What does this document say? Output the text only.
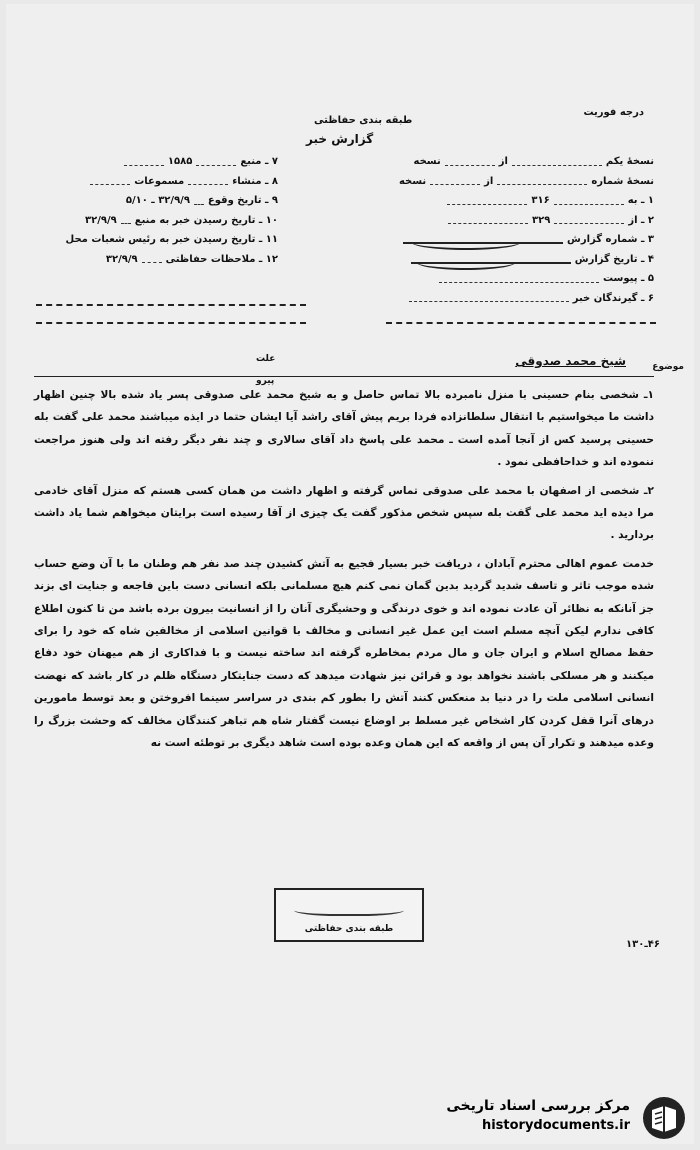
درجه فوریت
طبقه بندی حفاظتی
گزارش خبر
نسخهٔ یکمازنسخه
نسخهٔ شمارهازنسخه
۱ ـ به۳۱۶
۲ ـ از۳۲۹
۳ ـ شماره گزارش
۴ ـ تاریخ گزارش
۵ ـ پیوست
۶ ـ گیرندگان خبر
۷ ـ منبع۱۵۸۵
۸ ـ منشاءمسموعات
۹ ـ تاریخ وقوع۳۲/۹/۹ ـ ۵/۱۰
۱۰ ـ تاریخ رسیدن خبر به منبع۳۲/۹/۹
۱۱ ـ تاریخ رسیدن خبر به رئیس شعبات محل
۱۲ ـ ملاحظات حفاظتی۳۲/۹/۹
موضوع
شیخ محمد صدوقی
علت
پیرو

۱ـ شخصی بنام حسینی با منزل نامبرده بالا تماس حاصل و به شیخ محمد علی صدوقی پسر یاد شده بالا چنین اظهار داشت ما میخواستیم با انتقال سلطانزاده فردا بریم پیش آقای راشد آیا ایشان حتما در ایذه میباشند محمد علی گفت بله حسینی پرسید کس از آنجا آمده است ـ محمد علی پاسخ داد آقای سالاری و چند نفر دیگر رفته اند ولی هنوز مراجعت ننموده اند و خداحافظی نمود .

۲ـ شخصی از اصفهان با محمد علی صدوقی تماس گرفته و اظهار داشت من همان کسی هستم که منزل آقای خادمی مرا دیده اید محمد علی گفت بله سپس شخص مذکور گفت یک چیزی از آقا رسیده است برایتان میخواهم شما یاد داشت بردارید .

خدمت عموم اهالی محترم آبادان ، دریافت خبر بسیار فجیع به آتش کشیدن چند صد نفر هم وطنان ما با آن وضع حساب شده موجب تاثر و تاسف شدید گردید بدین گمان نمی کنم هیچ مسلمانی بلکه انسانی دست باین فاجعه و جنایت ای بزند جز آنانکه به نظائر آن عادت نموده اند و خوی درندگی و وحشیگری آنان را از انسانیت بیرون برده باشد من تا کنون اطلاع کافی ندارم لیکن آنچه مسلم است این عمل غیر انسانی و مخالف با قوانین اسلامی از مخالفین شاه که خود را برای حفظ مصالح اسلام و ایران جان و مال مردم بمخاطره گرفته اند ساخته نیست و با فداکاری از هم میهنان خود دفاع میکنند و هر مسلکی باشند نخواهد بود و قرائن نیز شهادت میدهد که دست جنایتکار دستگاه ظلم در کار باشد که نهضت انسانی اسلامی ملت را در دنیا بد منعکس کنند آتش را بطور کم بندی در سراسر سینما افروختن و بعد توسط مامورین درهای آنرا قفل کردن کار اشخاص غیر مسلط بر اوضاع نیست گفتار شاه هم تباهر کنندگان مخالف که وحشت بزرگ را وعده میدهند و تکرار آن پس از واقعه که این همان وعده بوده است شاهد دیگری بر توطئه است نه

طبقه بندی حفاظتی
۴۶ـ۱۳۰
مرکز بررسی اسناد تاریخی
historydocuments.ir
